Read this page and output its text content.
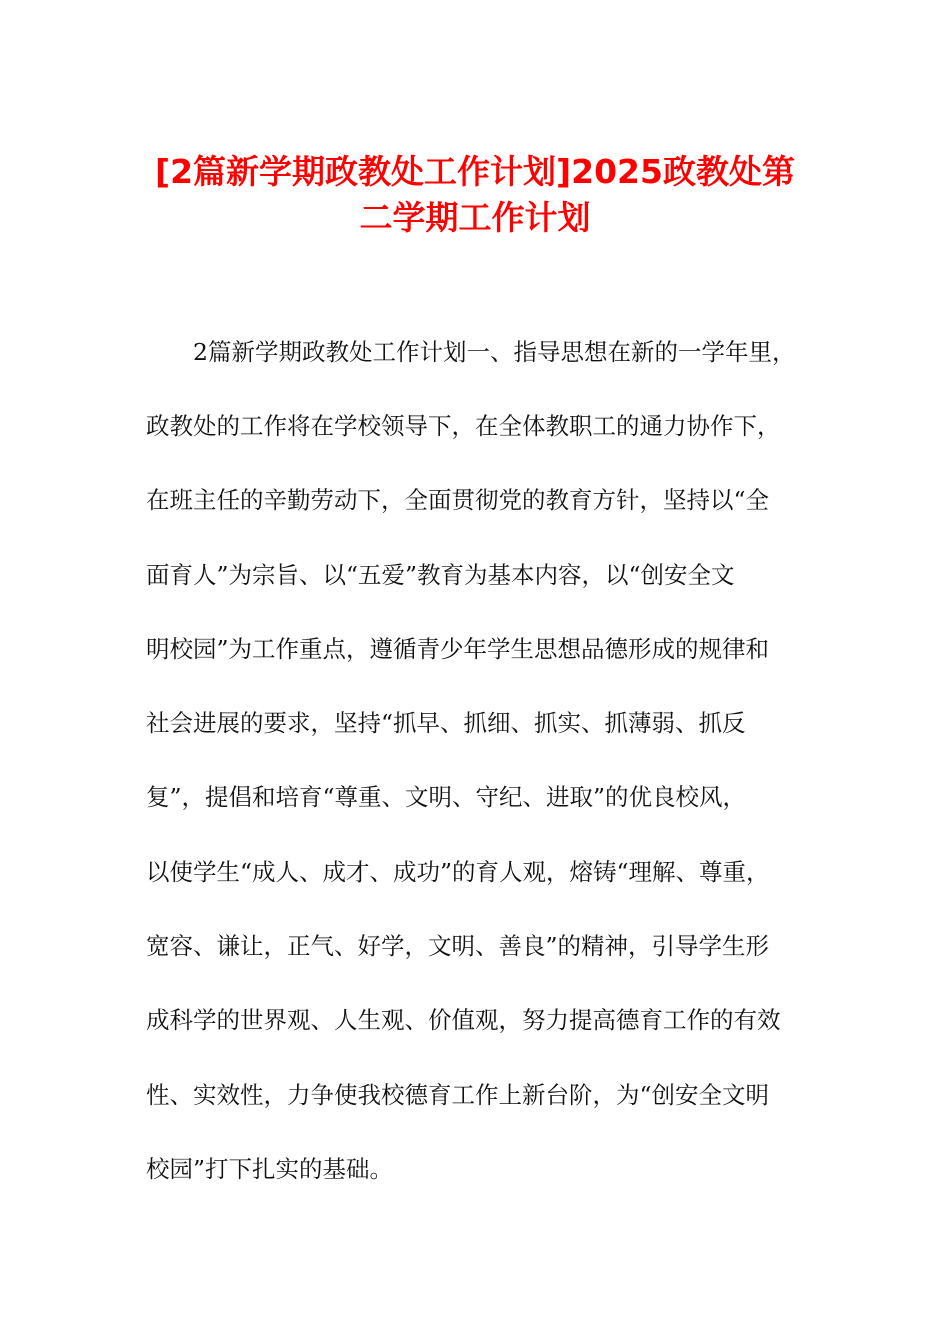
[2篇新学期政教处工作计划]2025政教处第
二学期工作计划
　　2篇新学期政教处工作计划一、指导思想在新的一学年里，
政教处的工作将在学校领导下，在全体教职工的通力协作下，
在班主任的辛勤劳动下，全面贯彻党的教育方针，坚持以“全
面育人”为宗旨、以“五爱”教育为基本内容，以“创安全文
明校园”为工作重点，遵循青少年学生思想品德形成的规律和
社会进展的要求，坚持“抓早、抓细、抓实、抓薄弱、抓反
复”，提倡和培育“尊重、文明、守纪、进取”的优良校风，
以使学生“成人、成才、成功”的育人观，熔铸“理解、尊重，
宽容、谦让，正气、好学，文明、善良”的精神，引导学生形
成科学的世界观、人生观、价值观，努力提高德育工作的有效
性、实效性，力争使我校德育工作上新台阶，为“创安全文明
校园”打下扎实的基础。
